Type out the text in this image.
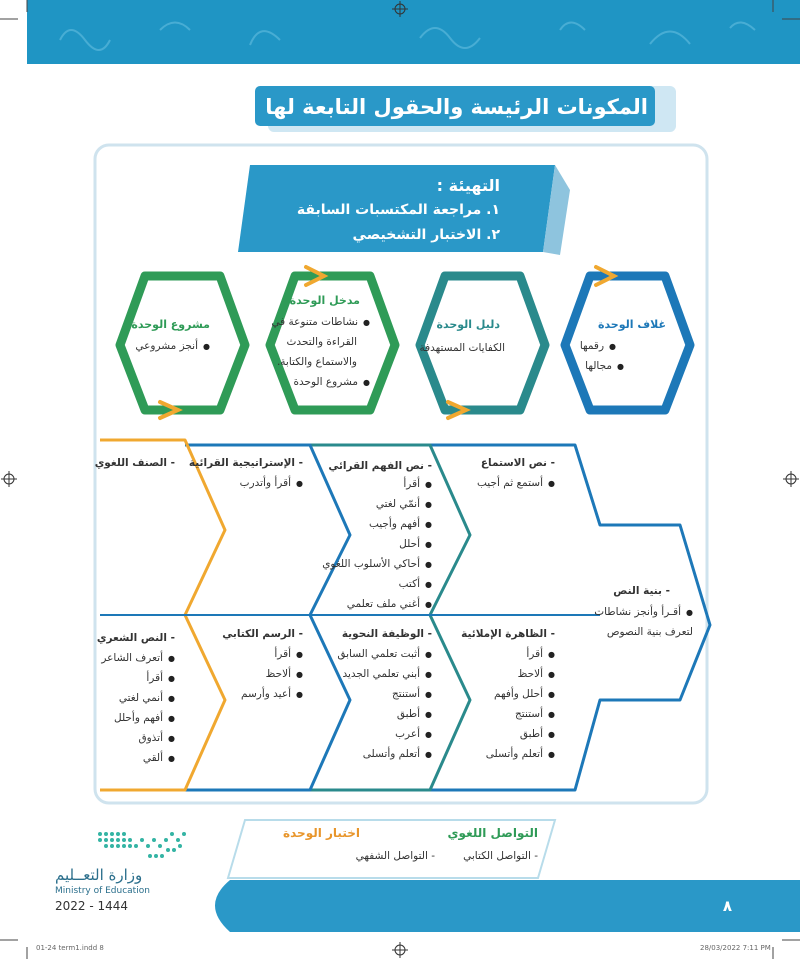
المكونات الرئيسة والحقول التابعة لها
التهيئة :
١. مراجعة المكتسبات السابقة
٢. الاختبار التشخيصي
غلاف الوحدة
● رقمها
● مجالها
دليل الوحدة
الكفايات المستهدفة
مدخل الوحدة
● نشاطات متنوعة في
القراءة والتحدث
والاستماع والكتابة.
● مشروع الوحدة
مشروع الوحدة
● أنجز مشروعي
- بنية النص
● أقـرأ وأنجز نشاطات
لتعرف بنية النصوص
- نص الاستماع
● أستمع ثم أجيب
- نص الفهم القرائي
● أقرأ
● أنمّي لغتي
● أفهم وأجيب
● أحلل
● أحاكي الأسلوب اللغوي
● أكتب
● أغني ملف تعلمي
- الإستراتيجية القرائية
● أقرأ وأتدرب
- الصنف اللغوي
- الظاهرة الإملائية
● أقرأ
● ألاحظ
● أحلل وأفهم
● أستنتج
● أطبق
● أتعلم وأتسلى
- الوظيفة النحوية
● أثبت تعلمي السابق
● أبني تعلمي الجديد
● أستنتج
● أطبق
● أعرب
● أتعلم وأتسلى
- الرسم الكتابي
● أقرأ
● ألاحظ
● أعيد وأرسم
- النص الشعري
● أتعرف الشاعر
● أقرأ
● أنمي لغتي
● أفهم وأحلل
● أتذوق
● ألقي
التواصل اللغوي
اختبار الوحدة
- التواصل الكتابي
- التواصل الشفهي
وزارة التعــليم
Ministry of Education
2022 - 1444	٨
01-24 term1.indd 8	28/03/2022 7:11 PM
